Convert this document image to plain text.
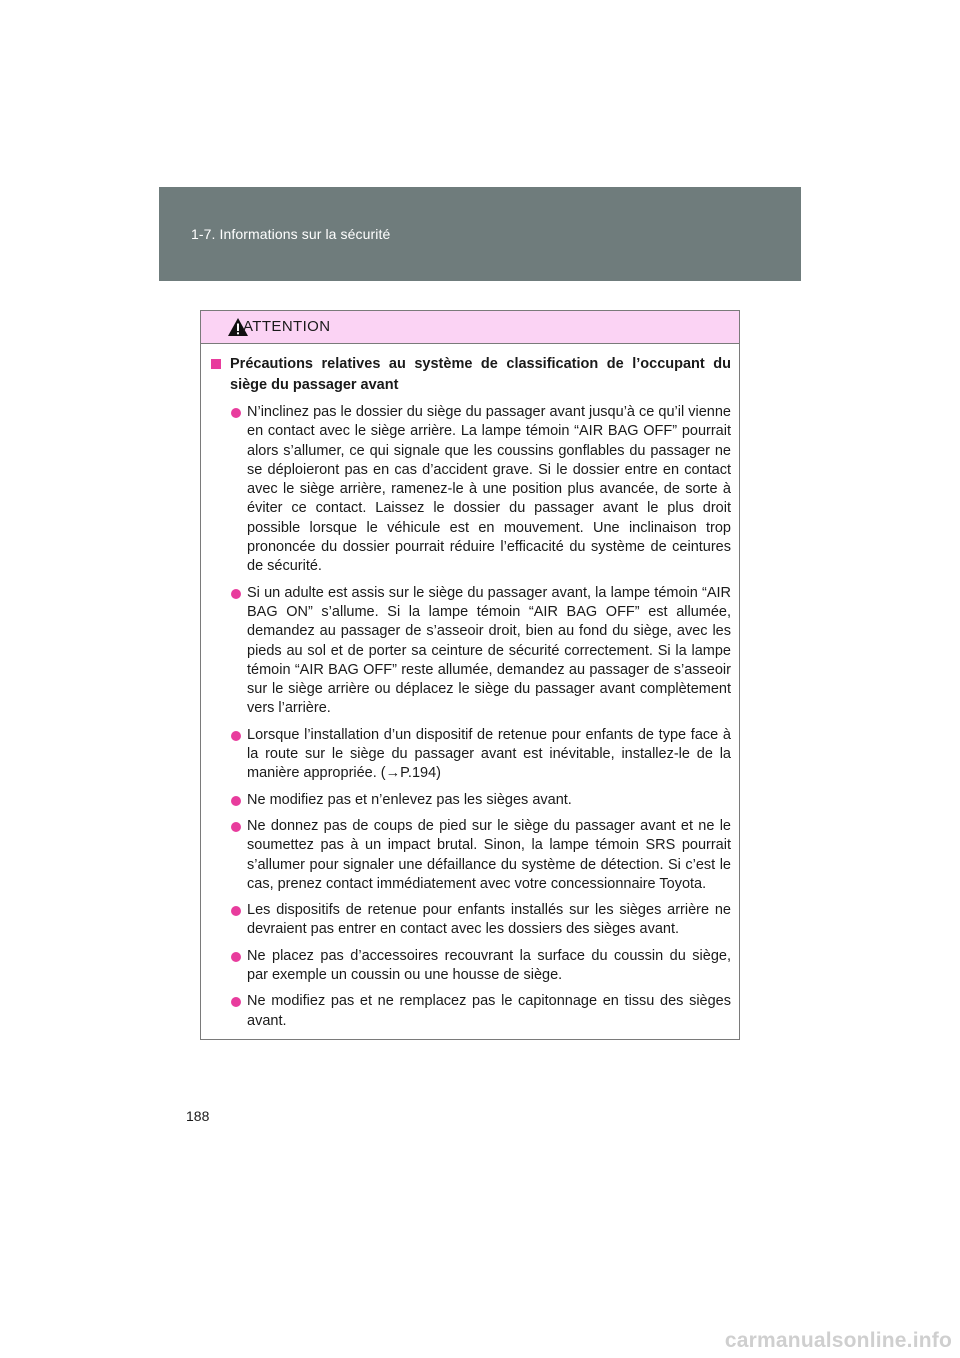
1-7. Informations sur la sécurité
ATTENTION
Précautions relatives au système de classification de l’occupant du siège du passager avant
N’inclinez pas le dossier du siège du passager avant jusqu’à ce qu’il vienne en contact avec le siège arrière. La lampe témoin “AIR BAG OFF” pourrait alors s’allumer, ce qui signale que les coussins gonflables du passager ne se déploieront pas en cas d’accident grave. Si le dossier entre en contact avec le siège arrière, ramenez-le à une position plus avancée, de sorte à éviter ce contact. Laissez le dossier du passager avant le plus droit possible lorsque le véhicule est en mouvement. Une inclinaison trop prononcée du dossier pourrait réduire l’efficacité du système de ceintures de sécurité.
Si un adulte est assis sur le siège du passager avant, la lampe témoin “AIR BAG ON” s’allume. Si la lampe témoin “AIR BAG OFF” est allumée, demandez au passager de s’asseoir droit, bien au fond du siège, avec les pieds au sol et de porter sa ceinture de sécurité correctement. Si la lampe témoin “AIR BAG OFF” reste allumée, demandez au passager de s’asseoir sur le siège arrière ou déplacez le siège du passager avant complètement vers l’arrière.
Lorsque l’installation d’un dispositif de retenue pour enfants de type face à la route sur le siège du passager avant est inévitable, installez-le de la manière appropriée. (→P.194)
Ne modifiez pas et n’enlevez pas les sièges avant.
Ne donnez pas de coups de pied sur le siège du passager avant et ne le soumettez pas à un impact brutal. Sinon, la lampe témoin SRS pourrait s’allumer pour signaler une défaillance du système de détection. Si c’est le cas, prenez contact immédiatement avec votre concessionnaire Toyota.
Les dispositifs de retenue pour enfants installés sur les sièges arrière ne devraient pas entrer en contact avec les dossiers des sièges avant.
Ne placez pas d’accessoires recouvrant la surface du coussin du siège, par exemple un coussin ou une housse de siège.
Ne modifiez pas et ne remplacez pas le capitonnage en tissu des sièges avant.
188
carmanualsonline.info
